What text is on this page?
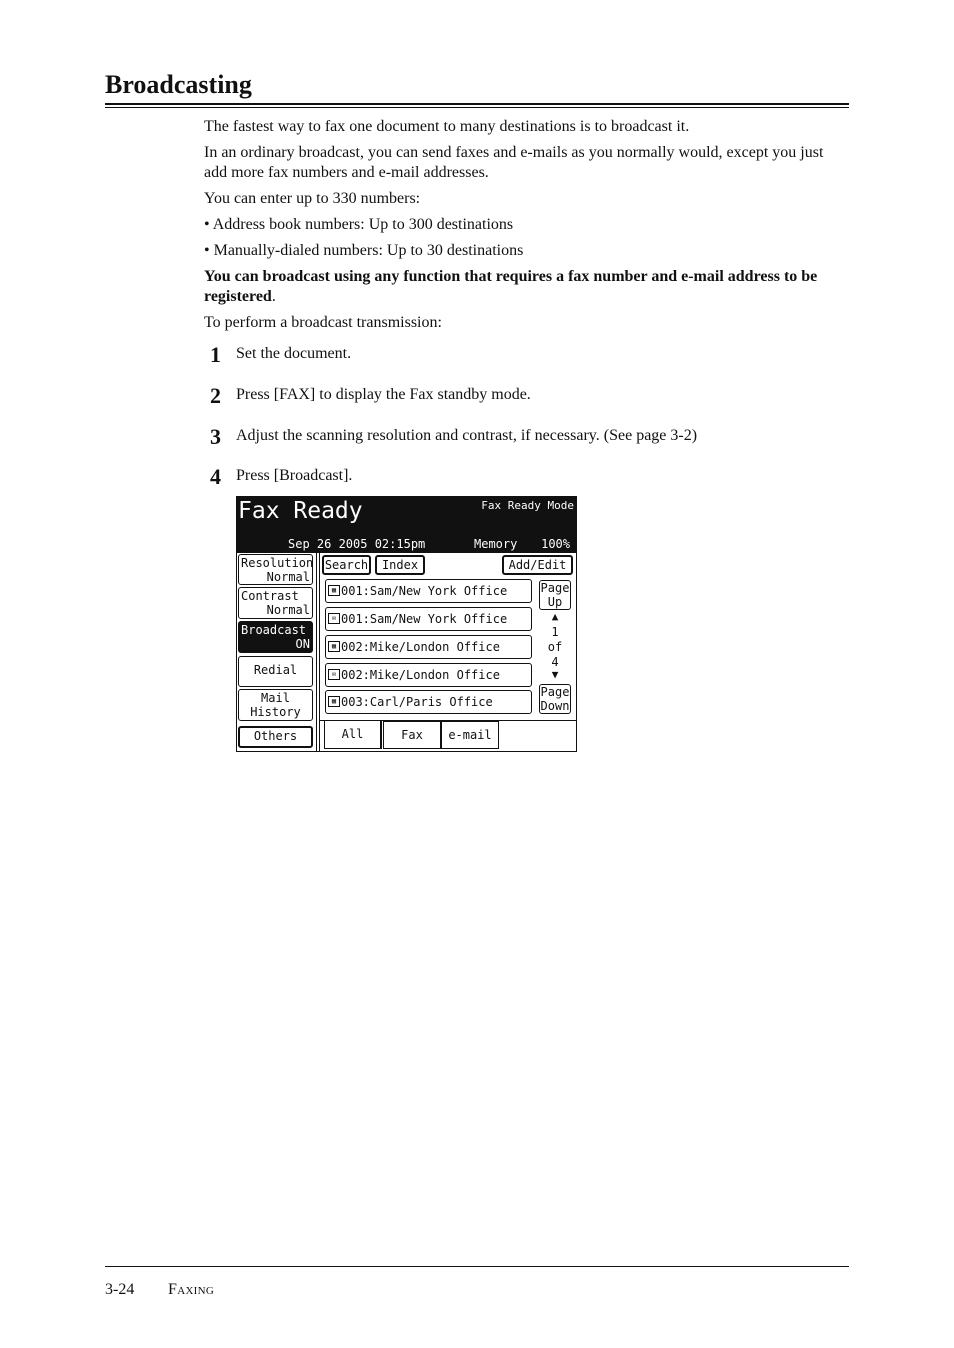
Broadcasting
The fastest way to fax one document to many destinations is to broadcast it.
In an ordinary broadcast, you can send faxes and e-mails as you normally would, except you just add more fax numbers and e-mail addresses.
You can enter up to 330 numbers:
• Address book numbers: Up to 300 destinations
• Manually-dialed numbers: Up to 30 destinations
You can broadcast using any function that requires a fax number and e-mail address to be registered.
To perform a broadcast transmission:
1 Set the document.
2 Press [FAX] to display the Fax standby mode.
3 Adjust the scanning resolution and contrast, if necessary. (See page 3-2)
4 Press [Broadcast].
Fax Ready	Fax Ready Mode
Sep 26 2005 02:15pm	Memory 100%
Resolution
Normal
Contrast
Normal
Broadcast
ON
Redial
Mail
History
Others
Search	Index	Add/Edit
▦ 001:Sam/New York Office
✉ 001:Sam/New York Office
▦ 002:Mike/London Office
✉ 002:Mike/London Office
▦ 003:Carl/Paris Office
Page
Up
▲
1
of
4
▼
Page
Down
All	Fax	e-mail
3-24 Faxing
